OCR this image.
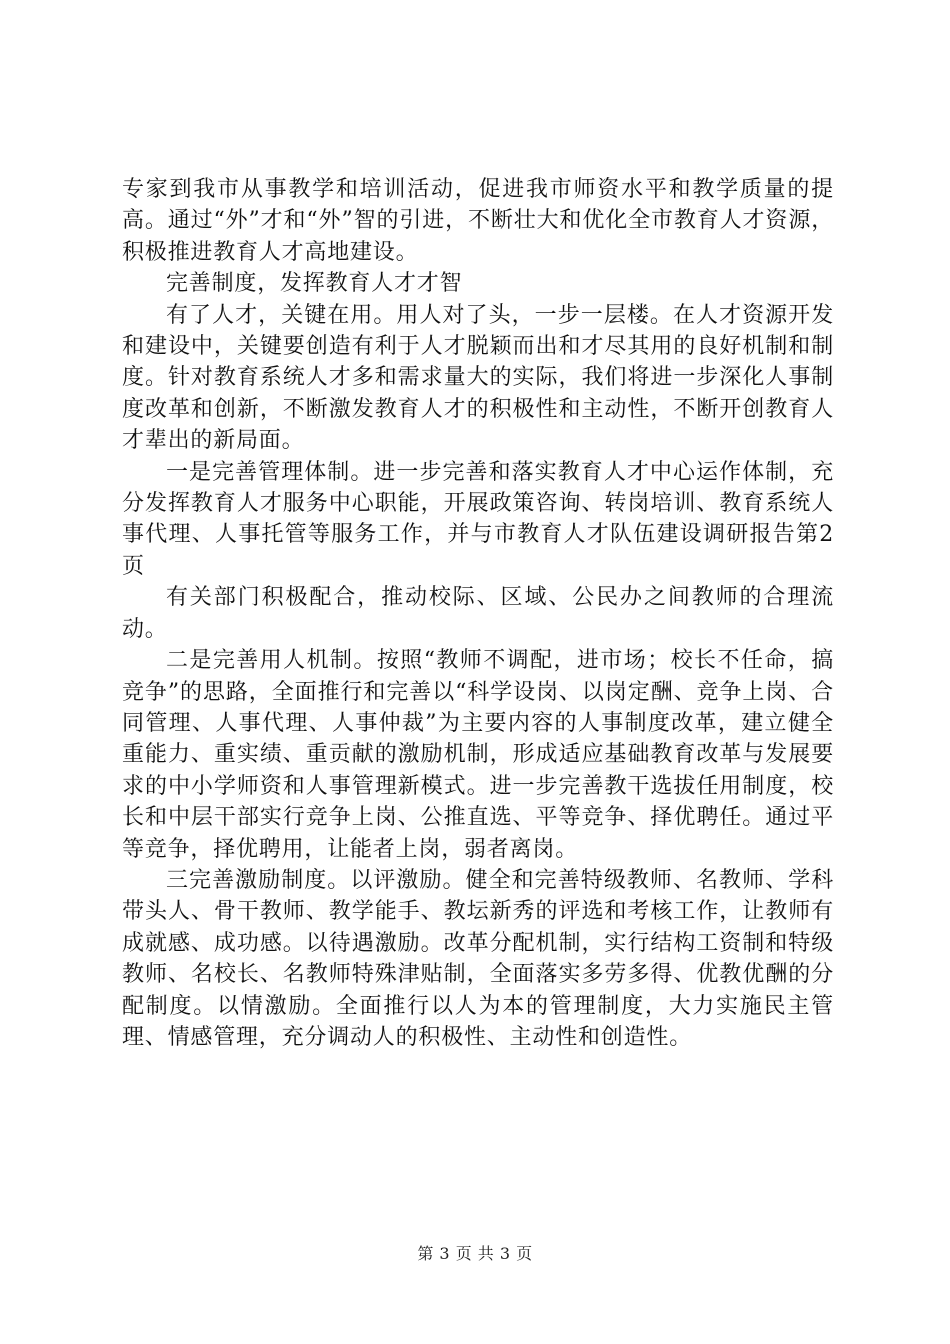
专家到我市从事教学和培训活动，促进我市师资水平和教学质量的提高。通过“外”才和“外”智的引进，不断壮大和优化全市教育人才资源，积极推进教育人才高地建设。

完善制度，发挥教育人才才智

有了人才，关键在用。用人对了头，一步一层楼。在人才资源开发和建设中，关键要创造有利于人才脱颖而出和才尽其用的良好机制和制度。针对教育系统人才多和需求量大的实际，我们将进一步深化人事制度改革和创新，不断激发教育人才的积极性和主动性，不断开创教育人才辈出的新局面。

一是完善管理体制。进一步完善和落实教育人才中心运作体制，充分发挥教育人才服务中心职能，开展政策咨询、转岗培训、教育系统人事代理、人事托管等服务工作，并与市教育人才队伍建设调研报告第2页

有关部门积极配合，推动校际、区域、公民办之间教师的合理流动。

二是完善用人机制。按照“教师不调配，进市场；校长不任命，搞竞争”的思路，全面推行和完善以“科学设岗、以岗定酬、竞争上岗、合同管理、人事代理、人事仲裁”为主要内容的人事制度改革，建立健全重能力、重实绩、重贡献的激励机制，形成适应基础教育改革与发展要求的中小学师资和人事管理新模式。进一步完善教干选拔任用制度，校长和中层干部实行竞争上岗、公推直选、平等竞争、择优聘任。通过平等竞争，择优聘用，让能者上岗，弱者离岗。

三完善激励制度。以评激励。健全和完善特级教师、名教师、学科带头人、骨干教师、教学能手、教坛新秀的评选和考核工作，让教师有成就感、成功感。以待遇激励。改革分配机制，实行结构工资制和特级教师、名校长、名教师特殊津贴制，全面落实多劳多得、优教优酬的分配制度。以情激励。全面推行以人为本的管理制度，大力实施民主管理、情感管理，充分调动人的积极性、主动性和创造性。

第 3 页 共 3 页
